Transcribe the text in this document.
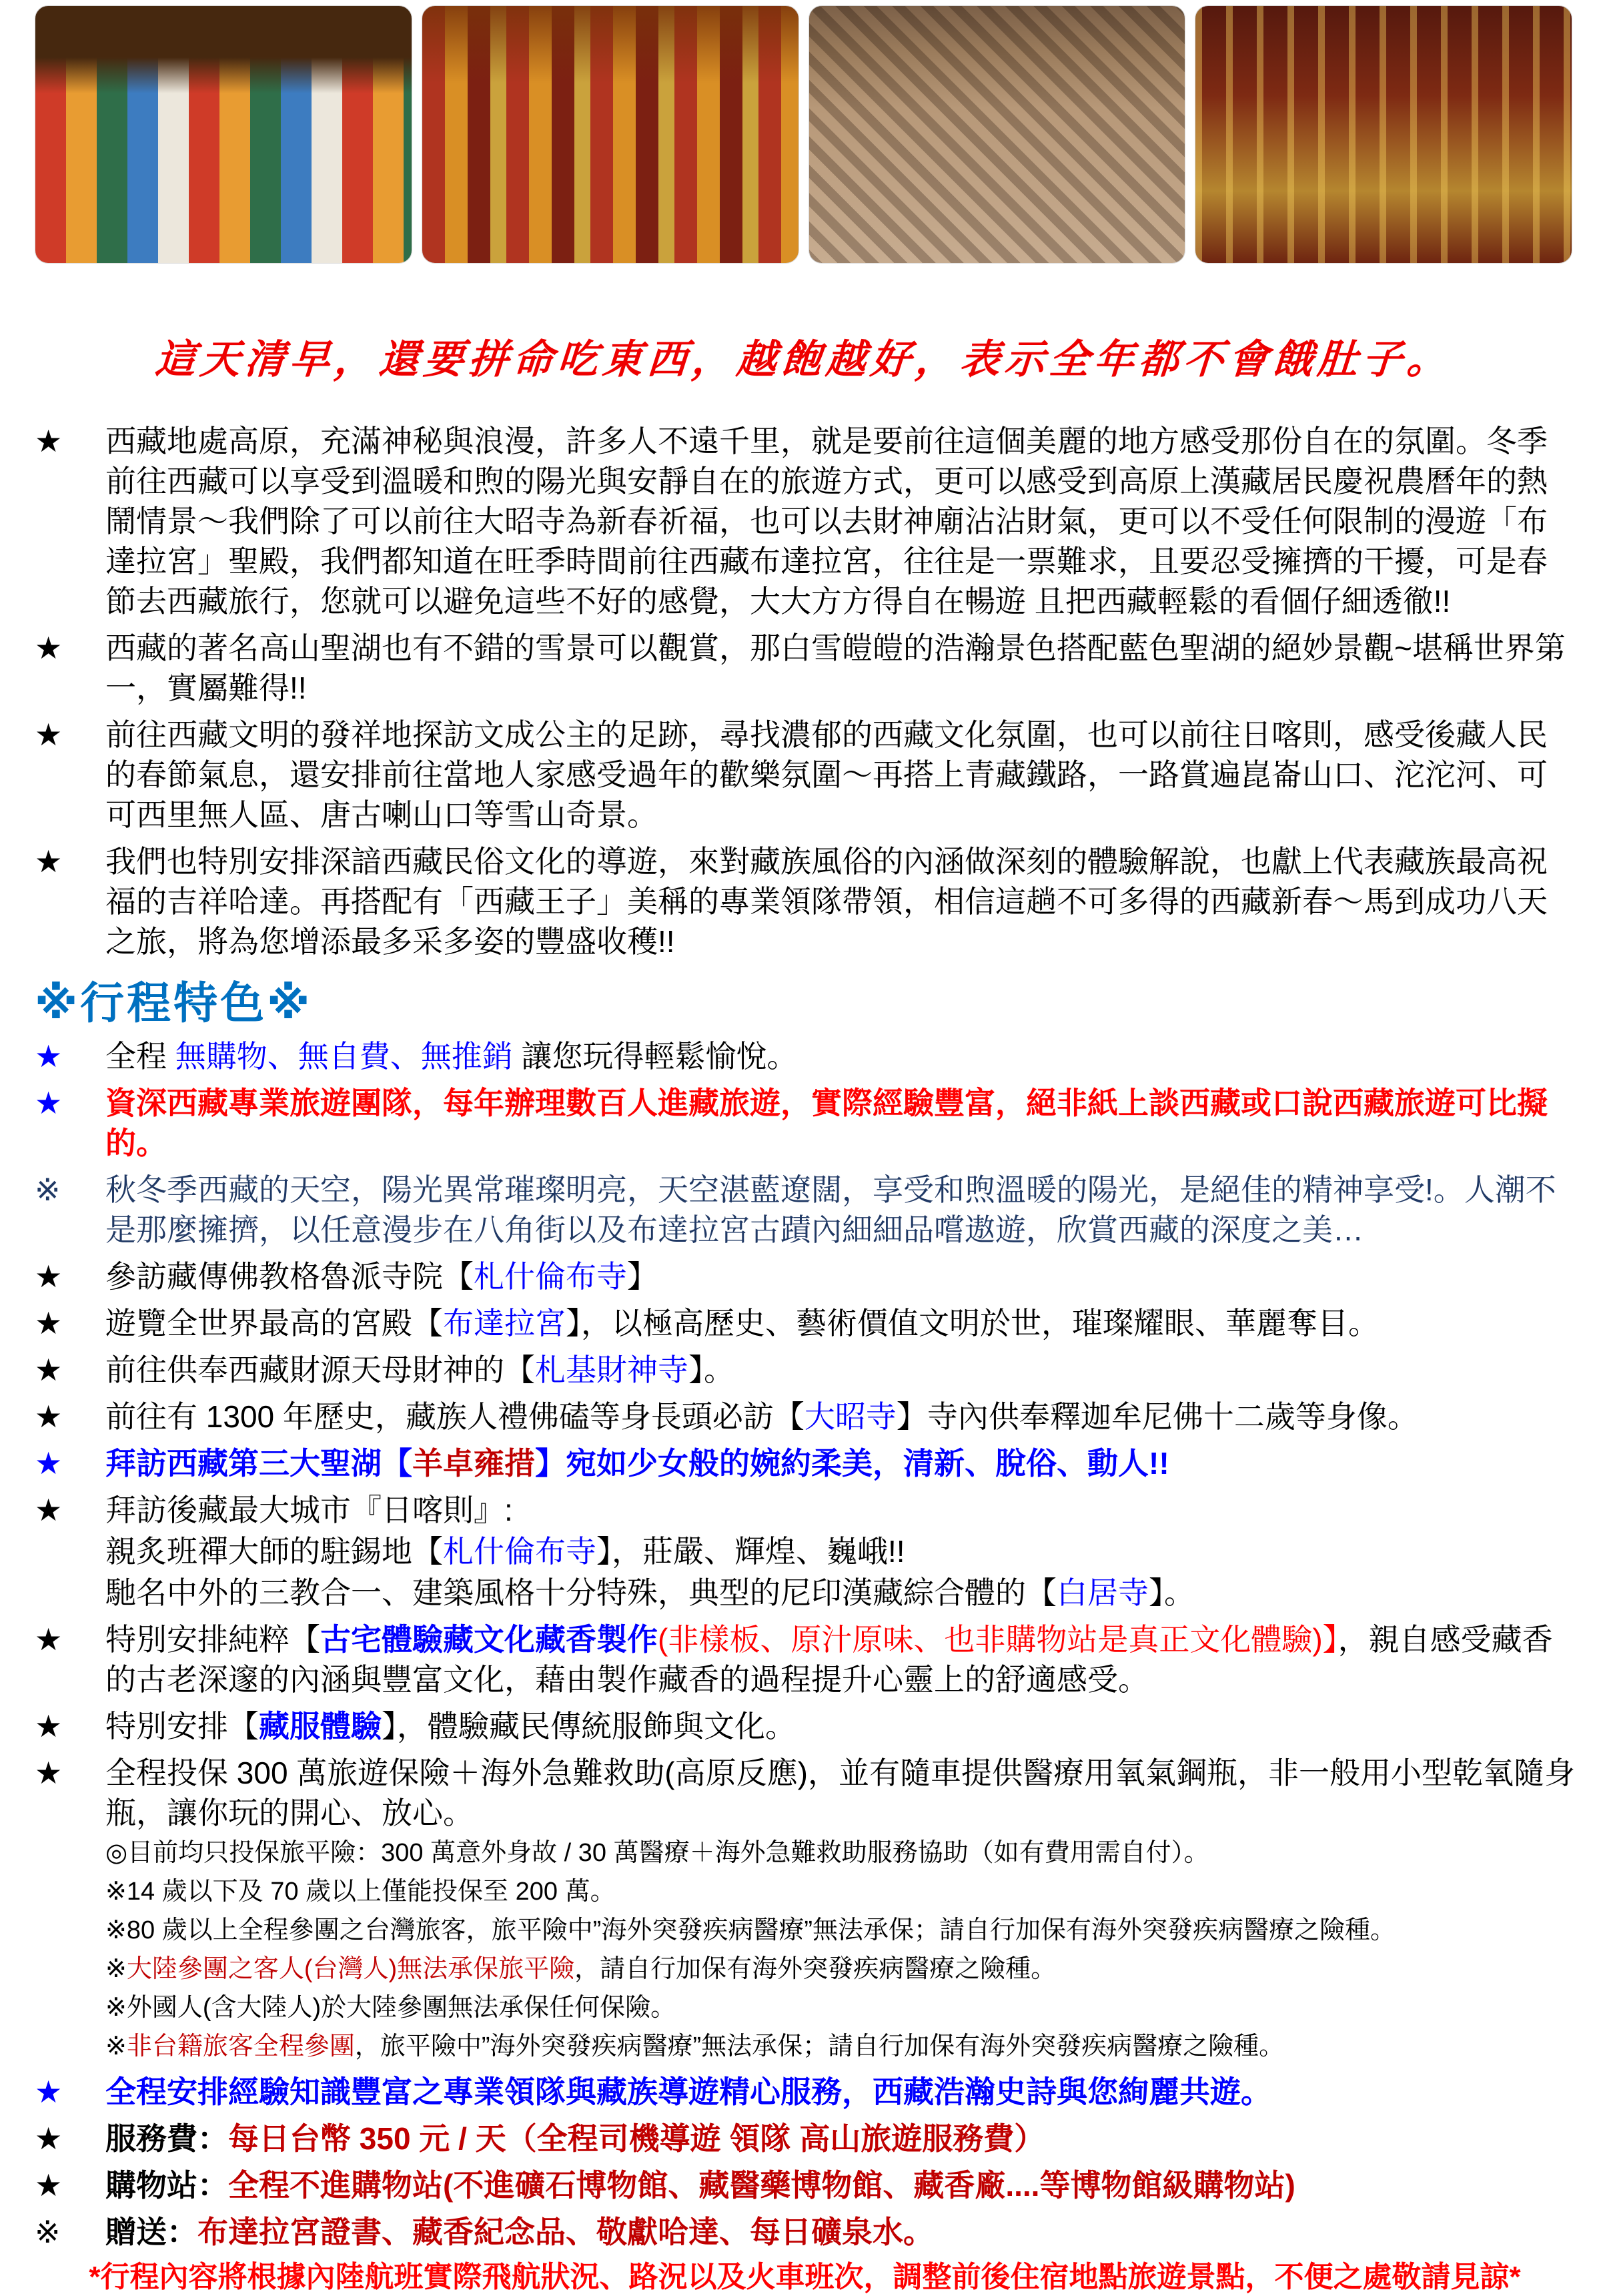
這天清早，還要拼命吃東西，越飽越好，表示全年都不會餓肚子。
★ 西藏地處高原，充滿神秘與浪漫，許多人不遠千里，就是要前往這個美麗的地方感受那份自在的氛圍。冬季前往西藏可以享受到溫暖和煦的陽光與安靜自在的旅遊方式，更可以感受到高原上漢藏居民慶祝農曆年的熱鬧情景～我們除了可以前往大昭寺為新春祈福，也可以去財神廟沾沾財氣，更可以不受任何限制的漫遊「布達拉宮」聖殿，我們都知道在旺季時間前往西藏布達拉宮，往往是一票難求，且要忍受擁擠的干擾，可是春節去西藏旅行，您就可以避免這些不好的感覺，大大方方得自在暢遊 且把西藏輕鬆的看個仔細透徹!!
★ 西藏的著名高山聖湖也有不錯的雪景可以觀賞，那白雪皚皚的浩瀚景色搭配藍色聖湖的絕妙景觀~堪稱世界第一，實屬難得!!
★ 前往西藏文明的發祥地探訪文成公主的足跡，尋找濃郁的西藏文化氛圍，也可以前往日喀則，感受後藏人民的春節氣息，還安排前往當地人家感受過年的歡樂氛圍～再搭上青藏鐵路，一路賞遍崑崙山口、沱沱河、可可西里無人區、唐古喇山口等雪山奇景。
★ 我們也特別安排深諳西藏民俗文化的導遊，來對藏族風俗的內涵做深刻的體驗解說，也獻上代表藏族最高祝福的吉祥哈達。再搭配有「西藏王子」美稱的專業領隊帶領，相信這趟不可多得的西藏新春～馬到成功八天之旅，將為您增添最多采多姿的豐盛收穫!!
※行程特色※
★ 全程 無購物、無自費、無推銷 讓您玩得輕鬆愉悅。
★ 資深西藏專業旅遊團隊，每年辦理數百人進藏旅遊，實際經驗豐富，絕非紙上談西藏或口說西藏旅遊可比擬的。
※ 秋冬季西藏的天空，陽光異常璀璨明亮，天空湛藍遼闊，享受和煦溫暖的陽光，是絕佳的精神享受!。人潮不是那麼擁擠，以任意漫步在八角街以及布達拉宮古蹟內細細品嚐遨遊，欣賞西藏的深度之美…
★ 參訪藏傳佛教格魯派寺院【札什倫布寺】
★ 遊覽全世界最高的宮殿【布達拉宮】，以極高歷史、藝術價值文明於世，璀璨耀眼、華麗奪目。
★ 前往供奉西藏財源天母財神的【札基財神寺】。
★ 前往有 1300 年歷史，藏族人禮佛磕等身長頭必訪【大昭寺】寺內供奉釋迦牟尼佛十二歲等身像。
★ 拜訪西藏第三大聖湖【羊卓雍措】宛如少女般的婉約柔美，清新、脫俗、動人!!
★ 拜訪後藏最大城市『日喀則』:
親炙班禪大師的駐錫地【札什倫布寺】，莊嚴、輝煌、巍峨!!
馳名中外的三教合一、建築風格十分特殊，典型的尼印漢藏綜合體的【白居寺】。
★ 特別安排純粹【古宅體驗藏文化藏香製作(非樣板、原汁原味、也非購物站是真正文化體驗)】，親自感受藏香的古老深邃的內涵與豐富文化，藉由製作藏香的過程提升心靈上的舒適感受。
★ 特別安排【藏服體驗】，體驗藏民傳統服飾與文化。
★ 全程投保 300 萬旅遊保險＋海外急難救助(高原反應)，並有隨車提供醫療用氧氣鋼瓶，非一般用小型乾氧隨身瓶，讓你玩的開心、放心。
◎目前均只投保旅平險：300 萬意外身故 / 30 萬醫療＋海外急難救助服務協助（如有費用需自付）。
※14 歲以下及 70 歲以上僅能投保至 200 萬。
※80 歲以上全程參團之台灣旅客，旅平險中”海外突發疾病醫療”無法承保；請自行加保有海外突發疾病醫療之險種。
※大陸參團之客人(台灣人)無法承保旅平險，請自行加保有海外突發疾病醫療之險種。
※外國人(含大陸人)於大陸參團無法承保任何保險。
※非台籍旅客全程參團，旅平險中”海外突發疾病醫療”無法承保；請自行加保有海外突發疾病醫療之險種。
★ 全程安排經驗知識豐富之專業領隊與藏族導遊精心服務，西藏浩瀚史詩與您絢麗共遊。
★ 服務費：每日台幣 350 元 / 天（全程司機導遊 領隊 高山旅遊服務費）
★ 購物站：全程不進購物站(不進礦石博物館、藏醫藥博物館、藏香廠....等博物館級購物站)
※ 贈送：布達拉宮證書、藏香紀念品、敬獻哈達、每日礦泉水。
*行程內容將根據內陸航班實際飛航狀況、路況以及火車班次，調整前後住宿地點旅遊景點，不便之處敬請見諒*
